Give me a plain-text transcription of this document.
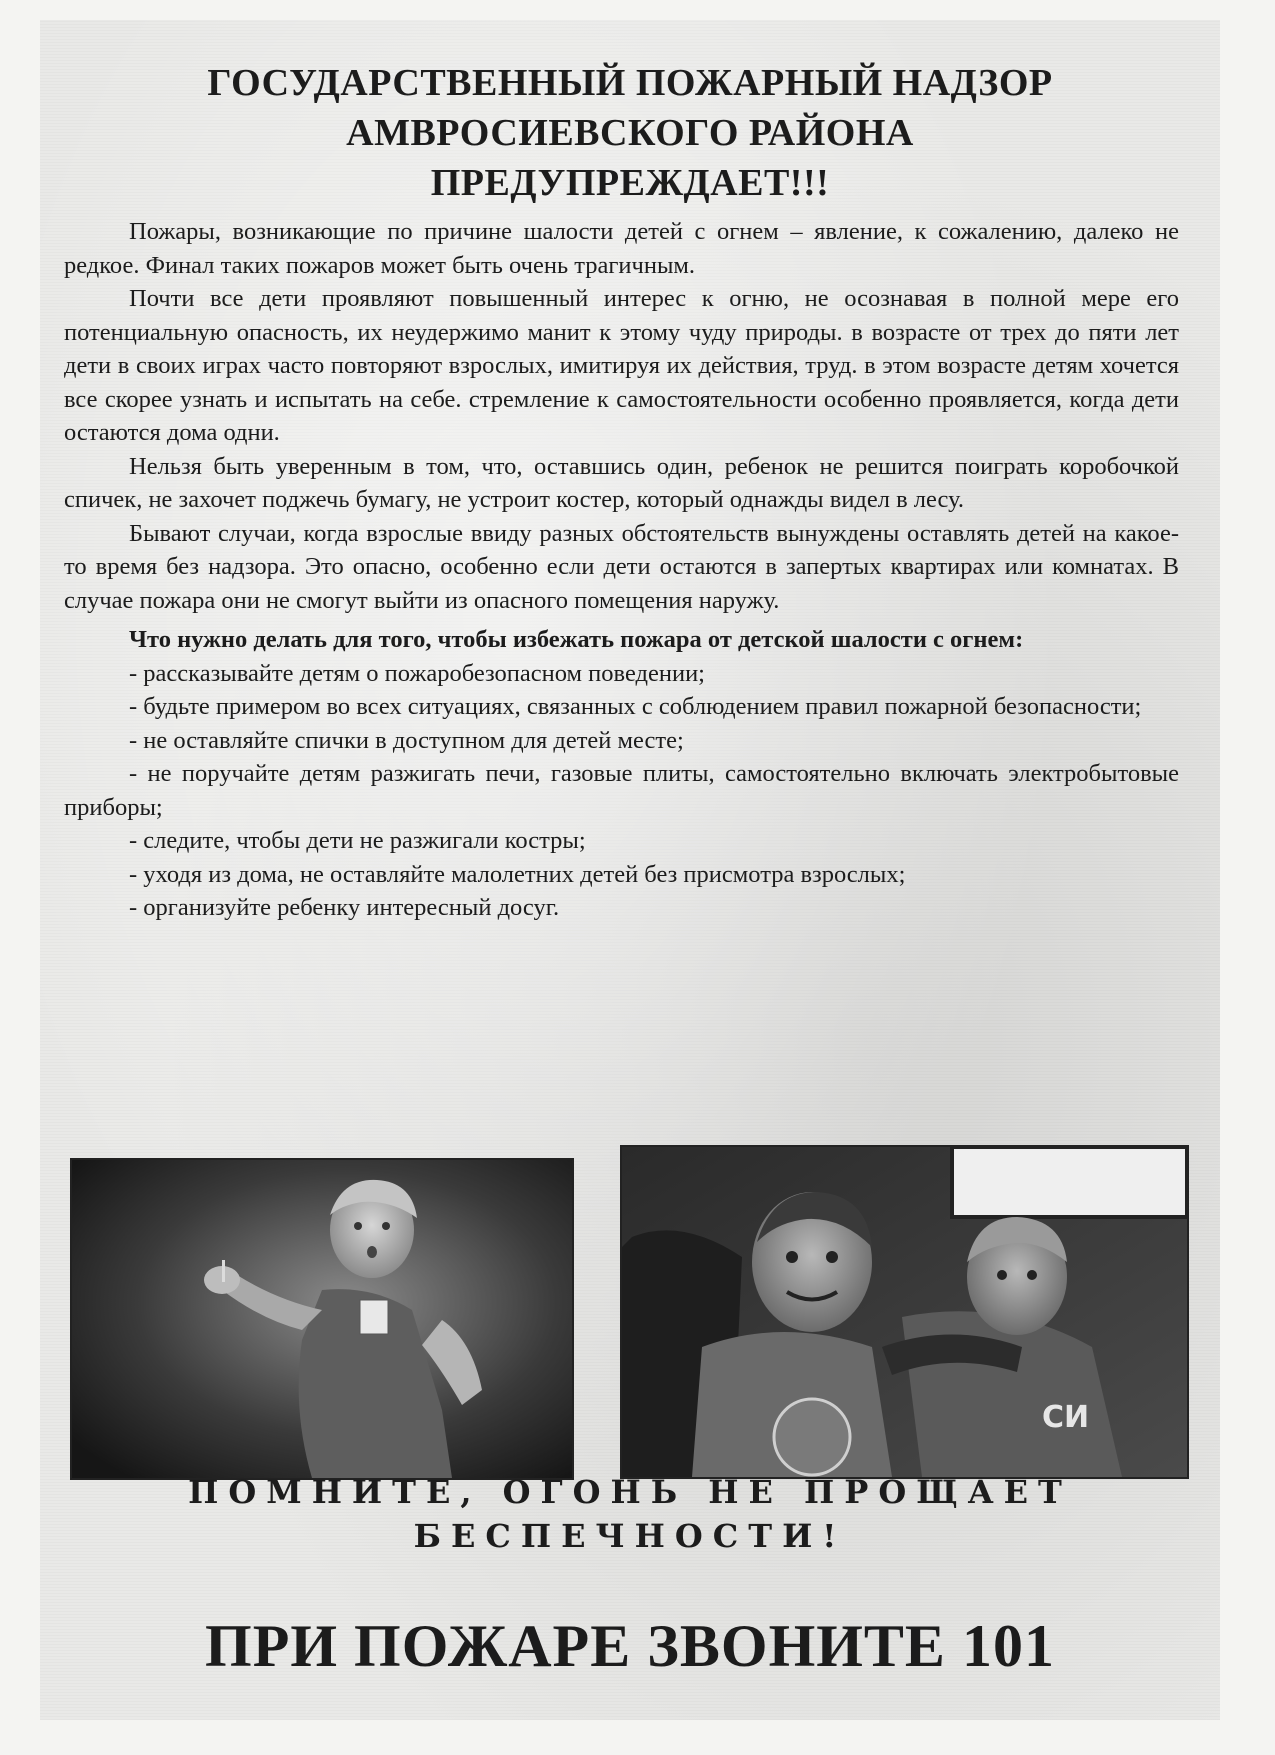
ГОСУДАРСТВЕННЫЙ ПОЖАРНЫЙ НАДЗОР
АМВРОСИЕВСКОГО РАЙОНА
ПРЕДУПРЕЖДАЕТ!!!

Пожары, возникающие по причине шалости детей с огнем – явление, к сожалению, далеко не редкое. Финал таких пожаров может быть очень трагичным.

Почти все дети проявляют повышенный интерес к огню, не осознавая в полной мере его потенциальную опасность, их неудержимо манит к этому чуду природы. в возрасте от трех до пяти лет дети в своих играх часто повторяют взрослых, имитируя их действия, труд. в этом возрасте детям хочется все скорее узнать и испытать на себе. стремление к самостоятельности особенно проявляется, когда дети остаются дома одни.

Нельзя быть уверенным в том, что, оставшись один, ребенок не решится поиграть коробочкой спичек, не захочет поджечь бумагу, не устроит костер, который однажды видел в лесу.

Бывают случаи, когда взрослые ввиду разных обстоятельств вынуждены оставлять детей на какое-то время без надзора. Это опасно, особенно если дети остаются в запертых квартирах или комнатах. В случае пожара они не смогут выйти из опасного помещения наружу.

Что нужно делать для того, чтобы избежать пожара от детской шалости с огнем:

- рассказывайте детям о пожаробезопасном поведении;

- будьте примером во всех ситуациях, связанных с соблюдением правил пожарной безопасности;

- не оставляйте спички в доступном для детей месте;

- не поручайте детям разжигать печи, газовые плиты, самостоятельно включать электробытовые приборы;

- следите, чтобы дети не разжигали костры;

- уходя из дома, не оставляйте малолетних детей без присмотра взрослых;

- организуйте ребенку интересный досуг.

СИ
ПОМНИТЕ, ОГОНЬ НЕ ПРОЩАЕТ
БЕСПЕЧНОСТИ!
ПРИ ПОЖАРЕ ЗВОНИТЕ 101
